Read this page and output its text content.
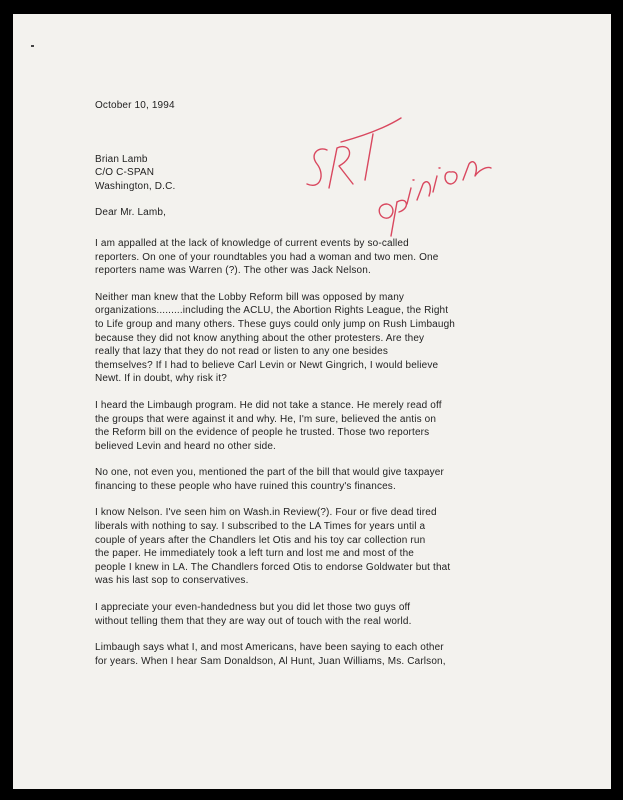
October 10, 1994
Brian Lamb
C/O C-SPAN
Washington, D.C.
Dear Mr. Lamb,
I am appalled at the lack of knowledge of current events by so-called
reporters. On one of your roundtables you had a woman and two men. One
reporters name was Warren (?). The other was Jack Nelson.
Neither man knew that the Lobby Reform bill was opposed by many
organizations.........including the ACLU, the Abortion Rights League, the Right
to Life group and many others. These guys could only jump on Rush Limbaugh
because they did not know anything about the other protesters. Are they
really that lazy that they do not read or listen to any one besides
themselves? If I had to believe Carl Levin or Newt Gingrich, I would believe
Newt. If in doubt, why risk it?
I heard the Limbaugh program. He did not take a stance. He merely read off
the groups that were against it and why. He, I'm sure, believed the antis on
the Reform bill on the evidence of people he trusted. Those two reporters
believed Levin and heard no other side.
No one, not even you, mentioned the part of the bill that would give taxpayer
financing to these people who have ruined this country's finances.
I know Nelson. I've seen him on Wash.in Review(?). Four or five dead tired
liberals with nothing to say. I subscribed to the LA Times for years until a
couple of years after the Chandlers let Otis and his toy car collection run
the paper. He immediately took a left turn and lost me and most of the
people I knew in LA. The Chandlers forced Otis to endorse Goldwater but that
was his last sop to conservatives.
I appreciate your even-handedness but you did let those two guys off
without telling them that they are way out of touch with the real world.
Limbaugh says what I, and most Americans, have been saying to each other
for years. When I hear Sam Donaldson, Al Hunt, Juan Williams, Ms. Carlson,
